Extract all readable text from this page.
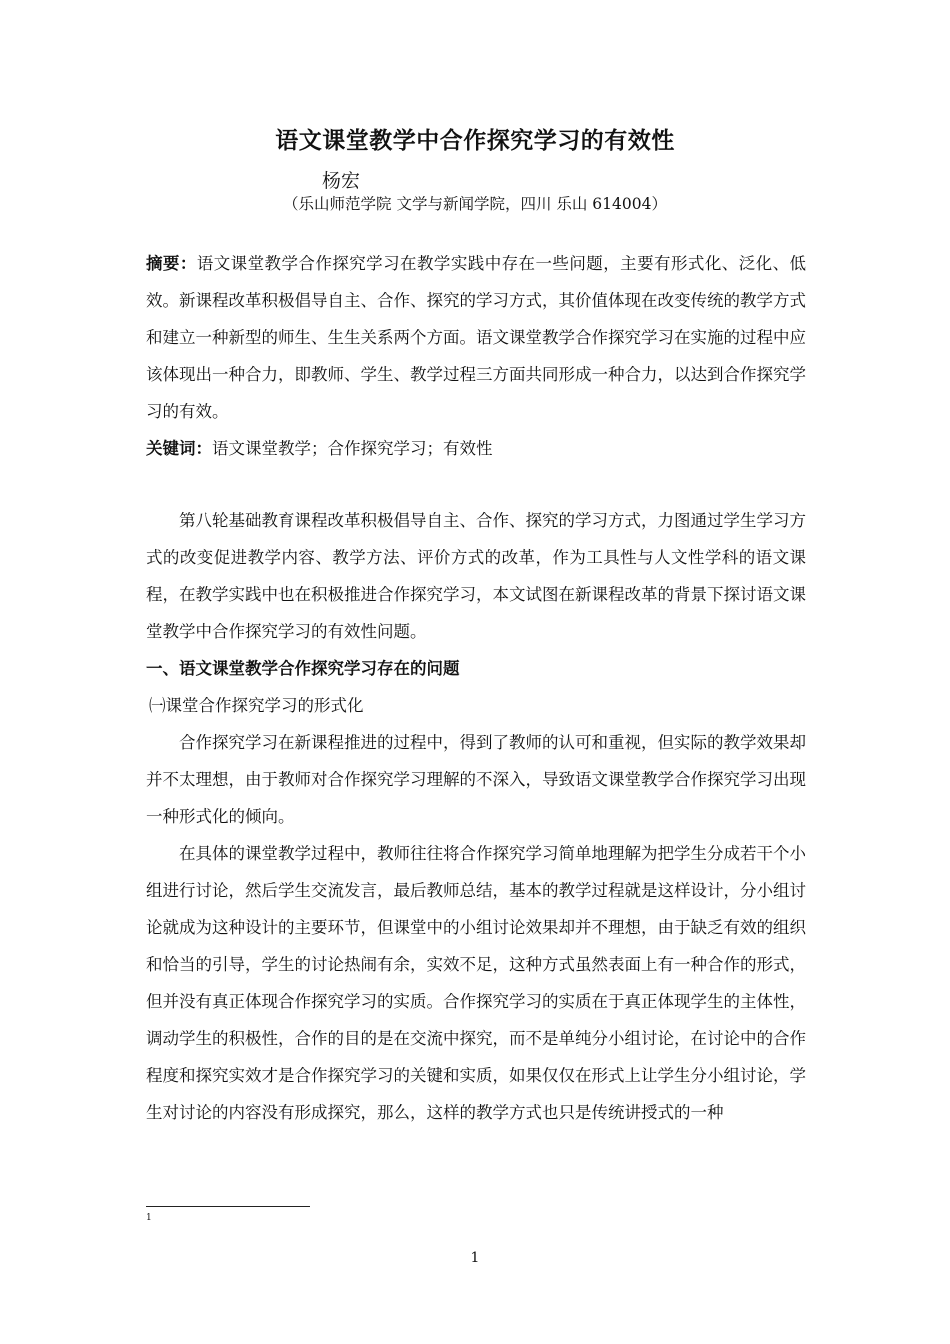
语文课堂教学中合作探究学习的有效性
杨宏
（乐山师范学院 文学与新闻学院，四川 乐山 614004）
摘要：语文课堂教学合作探究学习在教学实践中存在一些问题，主要有形式化、泛化、低效。新课程改革积极倡导自主、合作、探究的学习方式，其价值体现在改变传统的教学方式和建立一种新型的师生、生生关系两个方面。语文课堂教学合作探究学习在实施的过程中应该体现出一种合力，即教师、学生、教学过程三方面共同形成一种合力，以达到合作探究学习的有效。
关键词：语文课堂教学；合作探究学习；有效性

第八轮基础教育课程改革积极倡导自主、合作、探究的学习方式，力图通过学生学习方式的改变促进教学内容、教学方法、评价方式的改革，作为工具性与人文性学科的语文课程，在教学实践中也在积极推进合作探究学习，本文试图在新课程改革的背景下探讨语文课堂教学中合作探究学习的有效性问题。

一、语文课堂教学合作探究学习存在的问题

㈠课堂合作探究学习的形式化

合作探究学习在新课程推进的过程中，得到了教师的认可和重视，但实际的教学效果却并不太理想，由于教师对合作探究学习理解的不深入，导致语文课堂教学合作探究学习出现一种形式化的倾向。

在具体的课堂教学过程中，教师往往将合作探究学习简单地理解为把学生分成若干个小组进行讨论，然后学生交流发言，最后教师总结，基本的教学过程就是这样设计，分小组讨论就成为这种设计的主要环节，但课堂中的小组讨论效果却并不理想，由于缺乏有效的组织和恰当的引导，学生的讨论热闹有余，实效不足，这种方式虽然表面上有一种合作的形式，但并没有真正体现合作探究学习的实质。合作探究学习的实质在于真正体现学生的主体性，调动学生的积极性，合作的目的是在交流中探究，而不是单纯分小组讨论，在讨论中的合作程度和探究实效才是合作探究学习的关键和实质，如果仅仅在形式上让学生分小组讨论，学生对讨论的内容没有形成探究，那么，这样的教学方式也只是传统讲授式的一种

1
1
